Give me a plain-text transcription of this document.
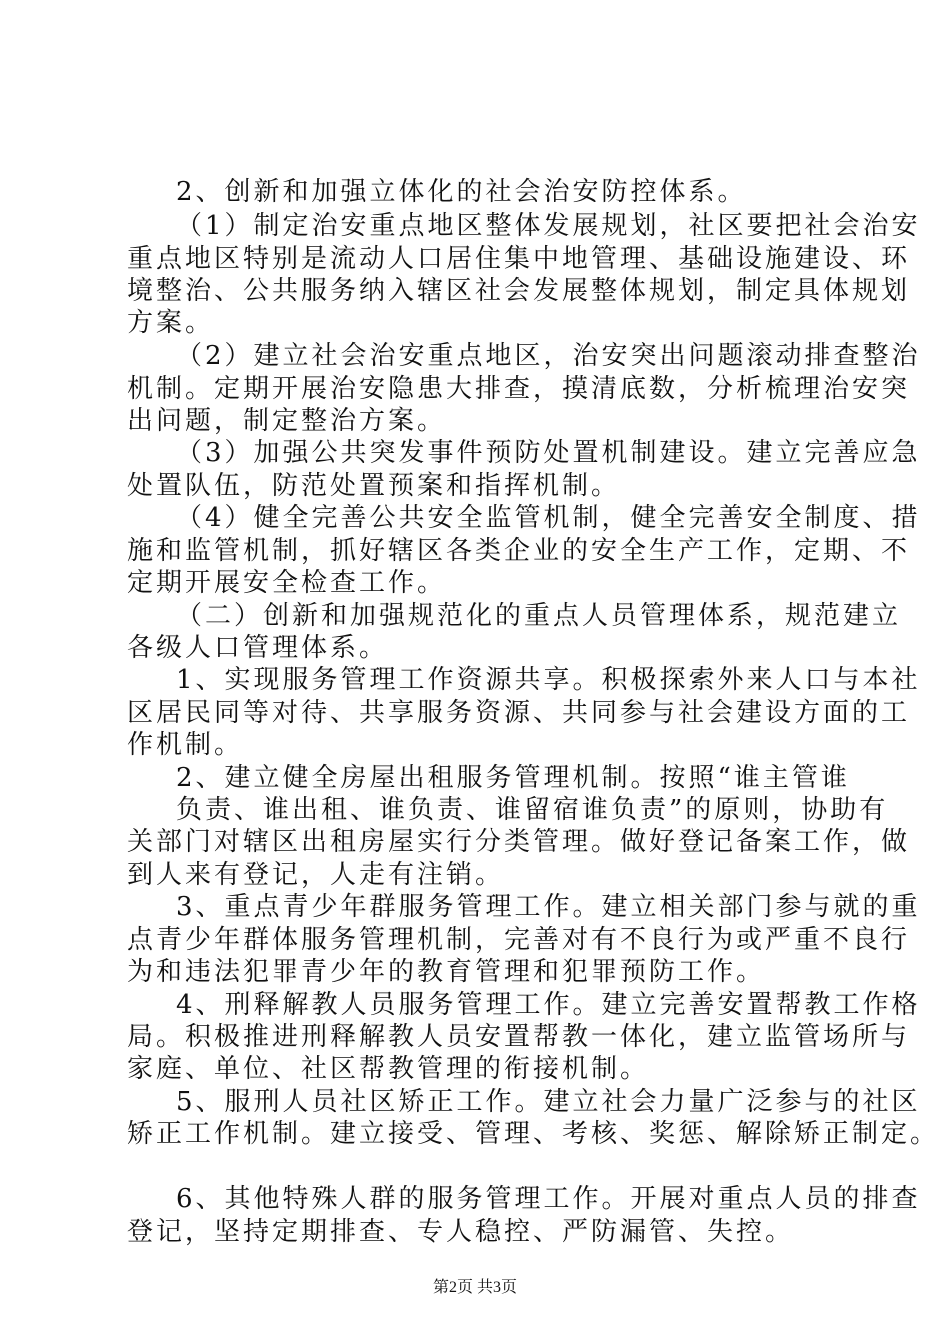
2、创新和加强立体化的社会治安防控体系。
（1）制定治安重点地区整体发展规划，社区要把社会治安
重点地区特别是流动人口居住集中地管理、基础设施建设、环
境整治、公共服务纳入辖区社会发展整体规划，制定具体规划
方案。
（2）建立社会治安重点地区，治安突出问题滚动排查整治
机制。定期开展治安隐患大排查，摸清底数，分析梳理治安突
出问题，制定整治方案。
（3）加强公共突发事件预防处置机制建设。建立完善应急
处置队伍，防范处置预案和指挥机制。
（4）健全完善公共安全监管机制，健全完善安全制度、措
施和监管机制，抓好辖区各类企业的安全生产工作，定期、不
定期开展安全检查工作。
（二）创新和加强规范化的重点人员管理体系，规范建立
各级人口管理体系。
1、实现服务管理工作资源共享。积极探索外来人口与本社
区居民同等对待、共享服务资源、共同参与社会建设方面的工
作机制。
2、建立健全房屋出租服务管理机制。按照“谁主管谁
负责、谁出租、谁负责、谁留宿谁负责”的原则，协助有
关部门对辖区出租房屋实行分类管理。做好登记备案工作，做
到人来有登记，人走有注销。
3、重点青少年群服务管理工作。建立相关部门参与就的重
点青少年群体服务管理机制，完善对有不良行为或严重不良行
为和违法犯罪青少年的教育管理和犯罪预防工作。
4、刑释解教人员服务管理工作。建立完善安置帮教工作格
局。积极推进刑释解教人员安置帮教一体化，建立监管场所与
家庭、单位、社区帮教管理的衔接机制。
5、服刑人员社区矫正工作。建立社会力量广泛参与的社区
矫正工作机制。建立接受、管理、考核、奖惩、解除矫正制定。
6、其他特殊人群的服务管理工作。开展对重点人员的排查
登记，坚持定期排查、专人稳控、严防漏管、失控。
第2页 共3页
